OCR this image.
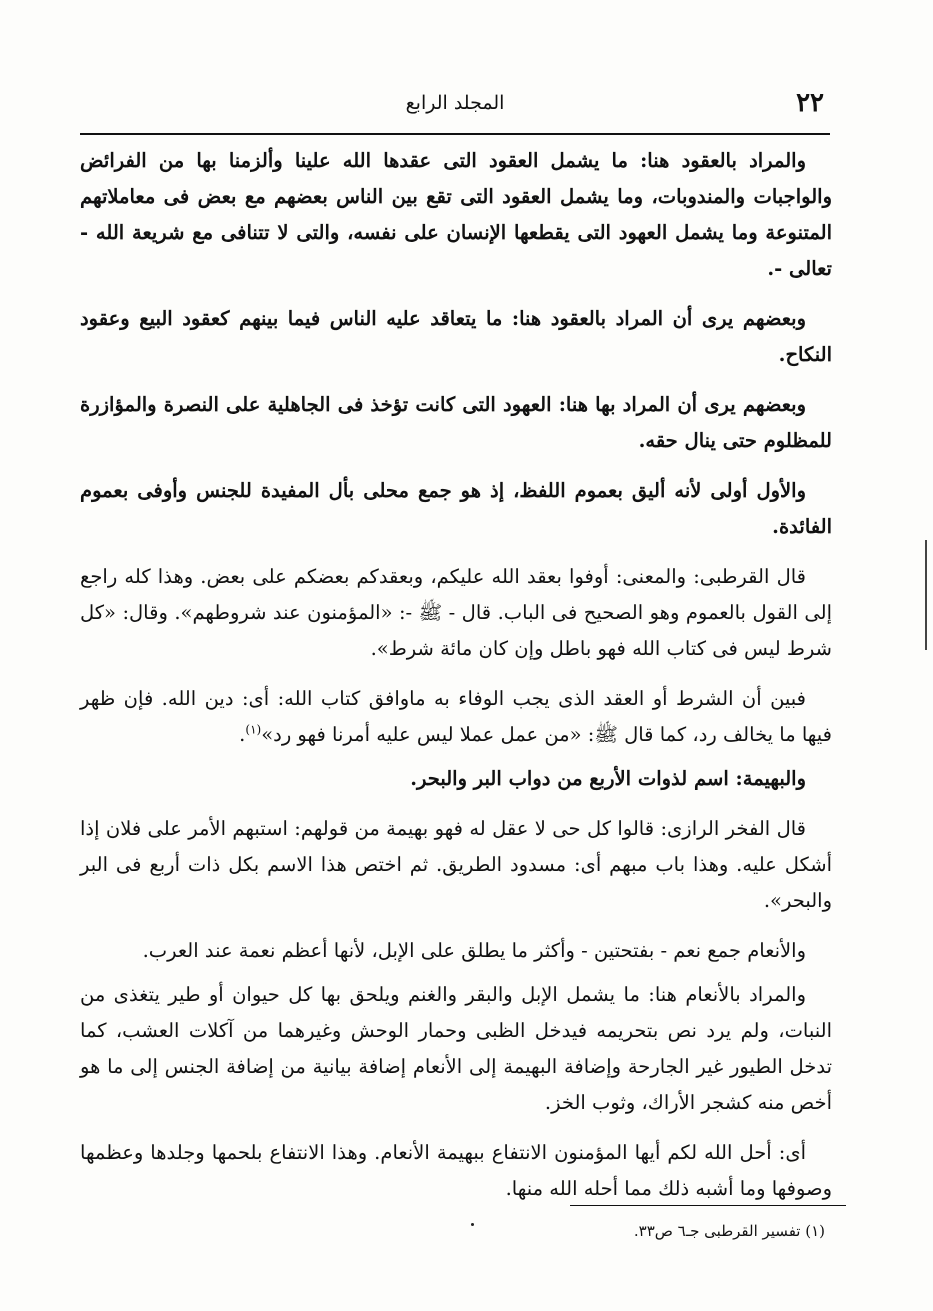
٢٢
المجلد الرابع

والمراد بالعقود هنا: ما يشمل العقود التى عقدها الله علينا وألزمنا بها من الفرائض والواجبات والمندوبات، وما يشمل العقود التى تقع بين الناس بعضهم مع بعض فى معاملاتهم المتنوعة وما يشمل العهود التى يقطعها الإنسان على نفسه، والتى لا تتنافى مع شريعة الله - تعالى -.

وبعضهم يرى أن المراد بالعقود هنا: ما يتعاقد عليه الناس فيما بينهم كعقود البيع وعقود النكاح.

وبعضهم يرى أن المراد بها هنا: العهود التى كانت تؤخذ فى الجاهلية على النصرة والمؤازرة للمظلوم حتى ينال حقه.

والأول أولى لأنه أليق بعموم اللفظ، إذ هو جمع محلى بأل المفيدة للجنس وأوفى بعموم الفائدة.

قال القرطبى: والمعنى: أوفوا بعقد الله عليكم، وبعقدكم بعضكم على بعض. وهذا كله راجع إلى القول بالعموم وهو الصحيح فى الباب. قال - ﷺ -: «المؤمنون عند شروطهم». وقال: «كل شرط ليس فى كتاب الله فهو باطل وإن كان مائة شرط».

فبين أن الشرط أو العقد الذى يجب الوفاء به ماوافق كتاب الله: أى: دين الله. فإن ظهر فيها ما يخالف رد، كما قال ﷺ: «من عمل عملا ليس عليه أمرنا فهو رد»$^{(١)}$.

والبهيمة: اسم لذوات الأربع من دواب البر والبحر.

قال الفخر الرازى: قالوا كل حى لا عقل له فهو بهيمة من قولهم: استبهم الأمر على فلان إذا أشكل عليه. وهذا باب مبهم أى: مسدود الطريق. ثم اختص هذا الاسم بكل ذات أربع فى البر والبحر».

والأنعام جمع نعم - بفتحتين - وأكثر ما يطلق على الإبل، لأنها أعظم نعمة عند العرب.

والمراد بالأنعام هنا: ما يشمل الإبل والبقر والغنم ويلحق بها كل حيوان أو طير يتغذى من النبات، ولم يرد نص بتحريمه فيدخل الظبى وحمار الوحش وغيرهما من آكلات العشب، كما تدخل الطيور غير الجارحة وإضافة البهيمة إلى الأنعام إضافة بيانية من إضافة الجنس إلى ما هو أخص منه كشجر الأراك، وثوب الخز.

أى: أحل الله لكم أيها المؤمنون الانتفاع ببهيمة الأنعام. وهذا الانتفاع بلحمها وجلدها وعظمها وصوفها وما أشبه ذلك مما أحله الله منها.

(١) تفسير القرطبى جـ٦ ص٣٣.
